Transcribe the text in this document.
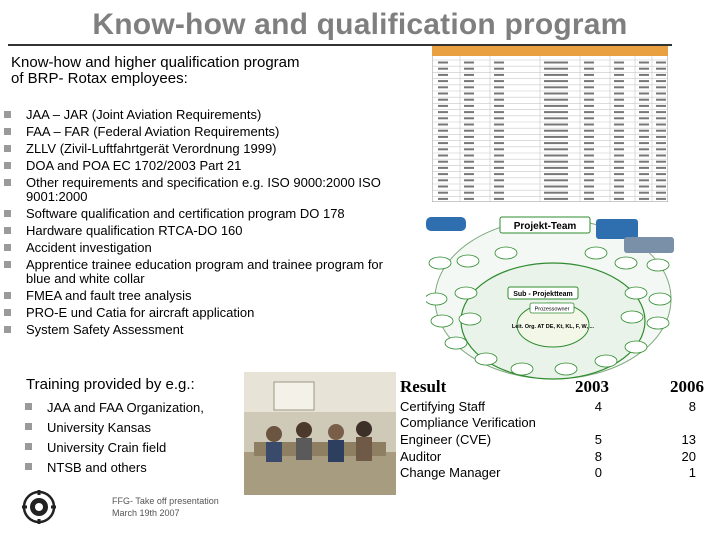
Know-how and qualification program
Know-how and higher qualification program of BRP- Rotax employees:
JAA – JAR (Joint Aviation Requirements)
FAA – FAR (Federal Aviation Requirements)
ZLLV (Zivil-Luftfahrtgerät Verordnung 1999)
DOA and POA EC 1702/2003 Part 21
Other requirements and specification e.g. ISO 9000:2000 ISO 9001:2000
Software qualification and certification program DO 178
Hardware qualification RTCA-DO 160
Accident investigation
Apprentice trainee education program and trainee program for blue and white collar
FMEA and fault tree analysis
PRO-E und Catia for aircraft application
System Safety Assessment
Training provided by e.g.:
JAA and FAA Organization,
University Kansas
University Crain field
NTSB and others
Projekt-Team
Sub - Projektteam
Prozessowner
Leit. Org. AT DE, Kt, KL, F, W, ...
Result	2003	2006
Certifying Staff	4	8
Compliance Verification
Engineer (CVE)	5	13
Auditor	8	20
Change Manager	0	1
FFG- Take off presentation
March 19th 2007
